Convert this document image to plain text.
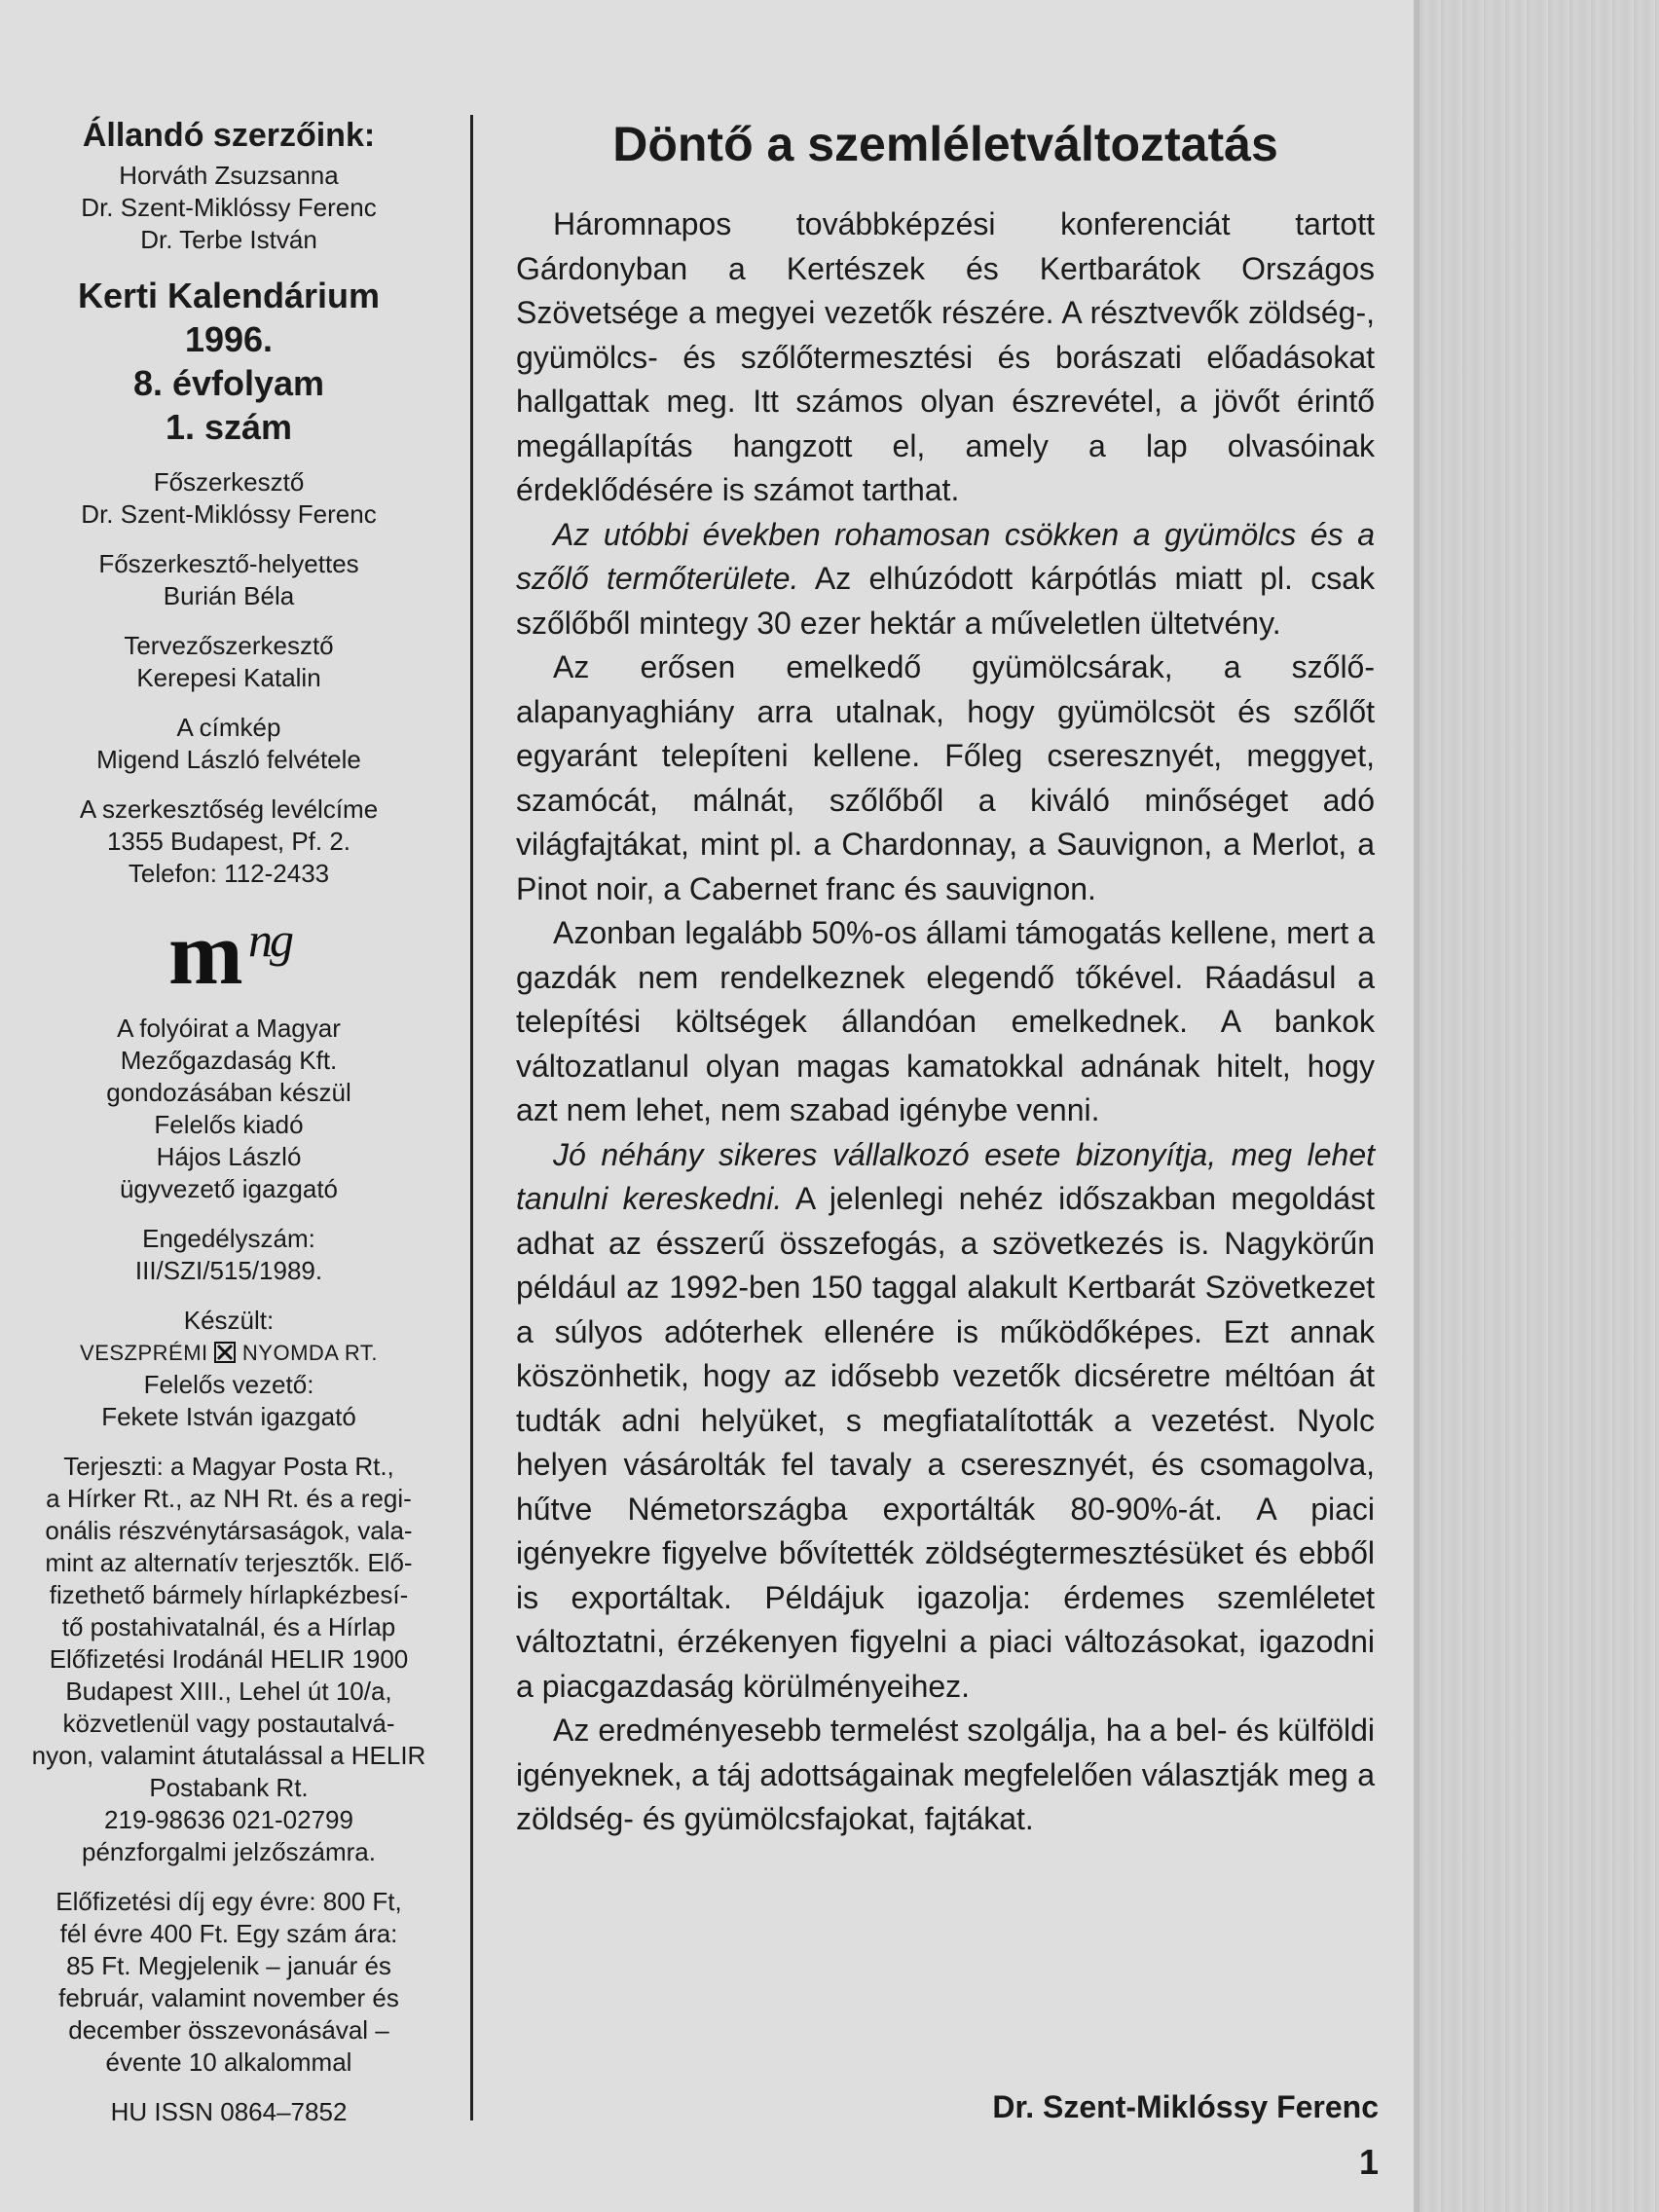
Állandó szerzőink:
Horváth Zsuzsanna
Dr. Szent-Miklóssy Ferenc
Dr. Terbe István
Kerti Kalendárium
1996.
8. évfolyam
1. szám
Főszerkesztő
Dr. Szent-Miklóssy Ferenc
Főszerkesztő-helyettes
Burián Béla
Tervezőszerkesztő
Kerepesi Katalin
A címkép
Migend László felvétele
A szerkesztőség levélcíme
1355 Budapest, Pf. 2.
Telefon: 112-2433
m ng
A folyóirat a Magyar
Mezőgazdaság Kft.
gondozásában készül
Felelős kiadó
Hájos László
ügyvezető igazgató
Engedélyszám:
III/SZI/515/1989.
Készült:
VESZPRÉMI NYOMDA RT.
Felelős vezető:
Fekete István igazgató
Terjeszti: a Magyar Posta Rt.,
a Hírker Rt., az NH Rt. és a regi-
onális részvénytársaságok, vala-
mint az alternatív terjesztők. Elő-
fizethető bármely hírlapkézbesí-
tő postahivatalnál, és a Hírlap
Előfizetési Irodánál HELIR 1900
Budapest XIII., Lehel út 10/a,
közvetlenül vagy postautalvá-
nyon, valamint átutalással a HELIR
Postabank Rt.
219-98636 021-02799
pénzforgalmi jelzőszámra.
Előfizetési díj egy évre: 800 Ft,
fél évre 400 Ft. Egy szám ára:
85 Ft. Megjelenik – január és
február, valamint november és
december összevonásával –
évente 10 alkalommal
HU ISSN 0864–7852
Döntő a szemléletváltoztatás

Háromnapos továbbképzési konferenciát tartott Gárdonyban a Kertészek és Kertbarátok Országos Szövetsége a megyei vezetők részére. A résztvevők zöldség-, gyümölcs- és szőlőtermesztési és borászati előadásokat hallgattak meg. Itt számos olyan észrevétel, a jövőt érintő megállapítás hangzott el, amely a lap olvasóinak érdeklődésére is számot tarthat.

Az utóbbi években rohamosan csökken a gyümölcs és a szőlő termőterülete. Az elhúzódott kárpótlás miatt pl. csak szőlőből mintegy 30 ezer hektár a műveletlen ültetvény.

Az erősen emelkedő gyümölcsárak, a szőlő-alapanyaghiány arra utalnak, hogy gyümölcsöt és szőlőt egyaránt telepíteni kellene. Főleg cseresznyét, meggyet, szamócát, málnát, szőlőből a kiváló minőséget adó világfajtákat, mint pl. a Chardonnay, a Sauvignon, a Merlot, a Pinot noir, a Cabernet franc és sauvignon.

Azonban legalább 50%-os állami támogatás kellene, mert a gazdák nem rendelkeznek elegendő tőkével. Ráadásul a telepítési költségek állandóan emelkednek. A bankok változatlanul olyan magas kamatokkal adnának hitelt, hogy azt nem lehet, nem szabad igénybe venni.

Jó néhány sikeres vállalkozó esete bizonyítja, meg lehet tanulni kereskedni. A jelenlegi nehéz időszakban megoldást adhat az ésszerű összefogás, a szövetkezés is. Nagykörűn például az 1992-ben 150 taggal alakult Kertbarát Szövetkezet a súlyos adóterhek ellenére is működőképes. Ezt annak köszönhetik, hogy az idősebb vezetők dicséretre méltóan át tudták adni helyüket, s megfiatalították a vezetést. Nyolc helyen vásárolták fel tavaly a cseresznyét, és csomagolva, hűtve Németországba exportálták 80-90%-át. A piaci igényekre figyelve bővítették zöldségtermesztésüket és ebből is exportáltak. Példájuk igazolja: érdemes szemléletet változtatni, érzékenyen figyelni a piaci változásokat, igazodni a piacgazdaság körülményeihez.

Az eredményesebb termelést szolgálja, ha a bel- és külföldi igényeknek, a táj adottságainak megfelelően választják meg a zöldség- és gyümölcsfajokat, fajtákat.

Dr. Szent-Miklóssy Ferenc
1
